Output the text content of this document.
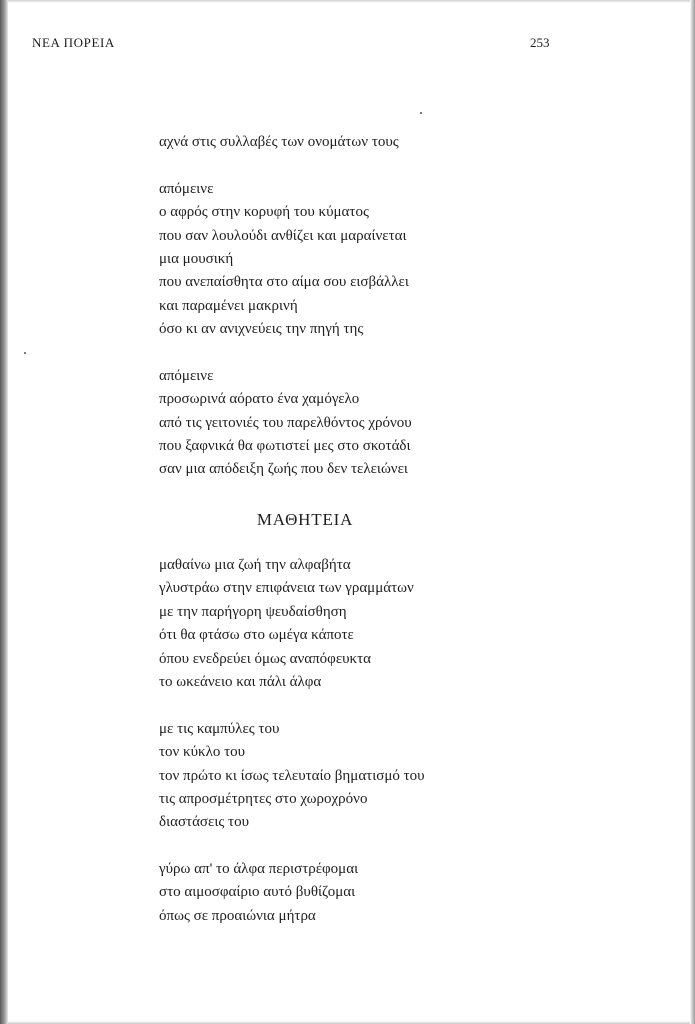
ΝΕΑ ΠΟΡΕΙΑ	253
αχνά στις συλλαβές των ονομάτων τους
απόμεινε
ο αφρός στην κορυφή του κύματος
που σαν λουλούδι ανθίζει και μαραίνεται
μια μουσική
που ανεπαίσθητα στο αίμα σου εισβάλλει
και παραμένει μακρινή
όσο κι αν ανιχνεύεις την πηγή της
απόμεινε
προσωρινά αόρατο ένα χαμόγελο
από τις γειτονιές του παρελθόντος χρόνου
που ξαφνικά θα φωτιστεί μες στο σκοτάδι
σαν μια απόδειξη ζωής που δεν τελειώνει
ΜΑΘΗΤΕΙΑ
μαθαίνω μια ζωή την αλφαβήτα
γλυστράω στην επιφάνεια των γραμμάτων
με την παρήγορη ψευδαίσθηση
ότι θα φτάσω στο ωμέγα κάποτε
όπου ενεδρεύει όμως αναπόφευκτα
το ωκεάνειο και πάλι άλφα
με τις καμπύλες του
τον κύκλο του
τον πρώτο κι ίσως τελευταίο βηματισμό του
τις απροσμέτρητες στο χωροχρόνο
διαστάσεις του
γύρω απ' το άλφα περιστρέφομαι
στο αιμοσφαίριο αυτό βυθίζομαι
όπως σε προαιώνια μήτρα
